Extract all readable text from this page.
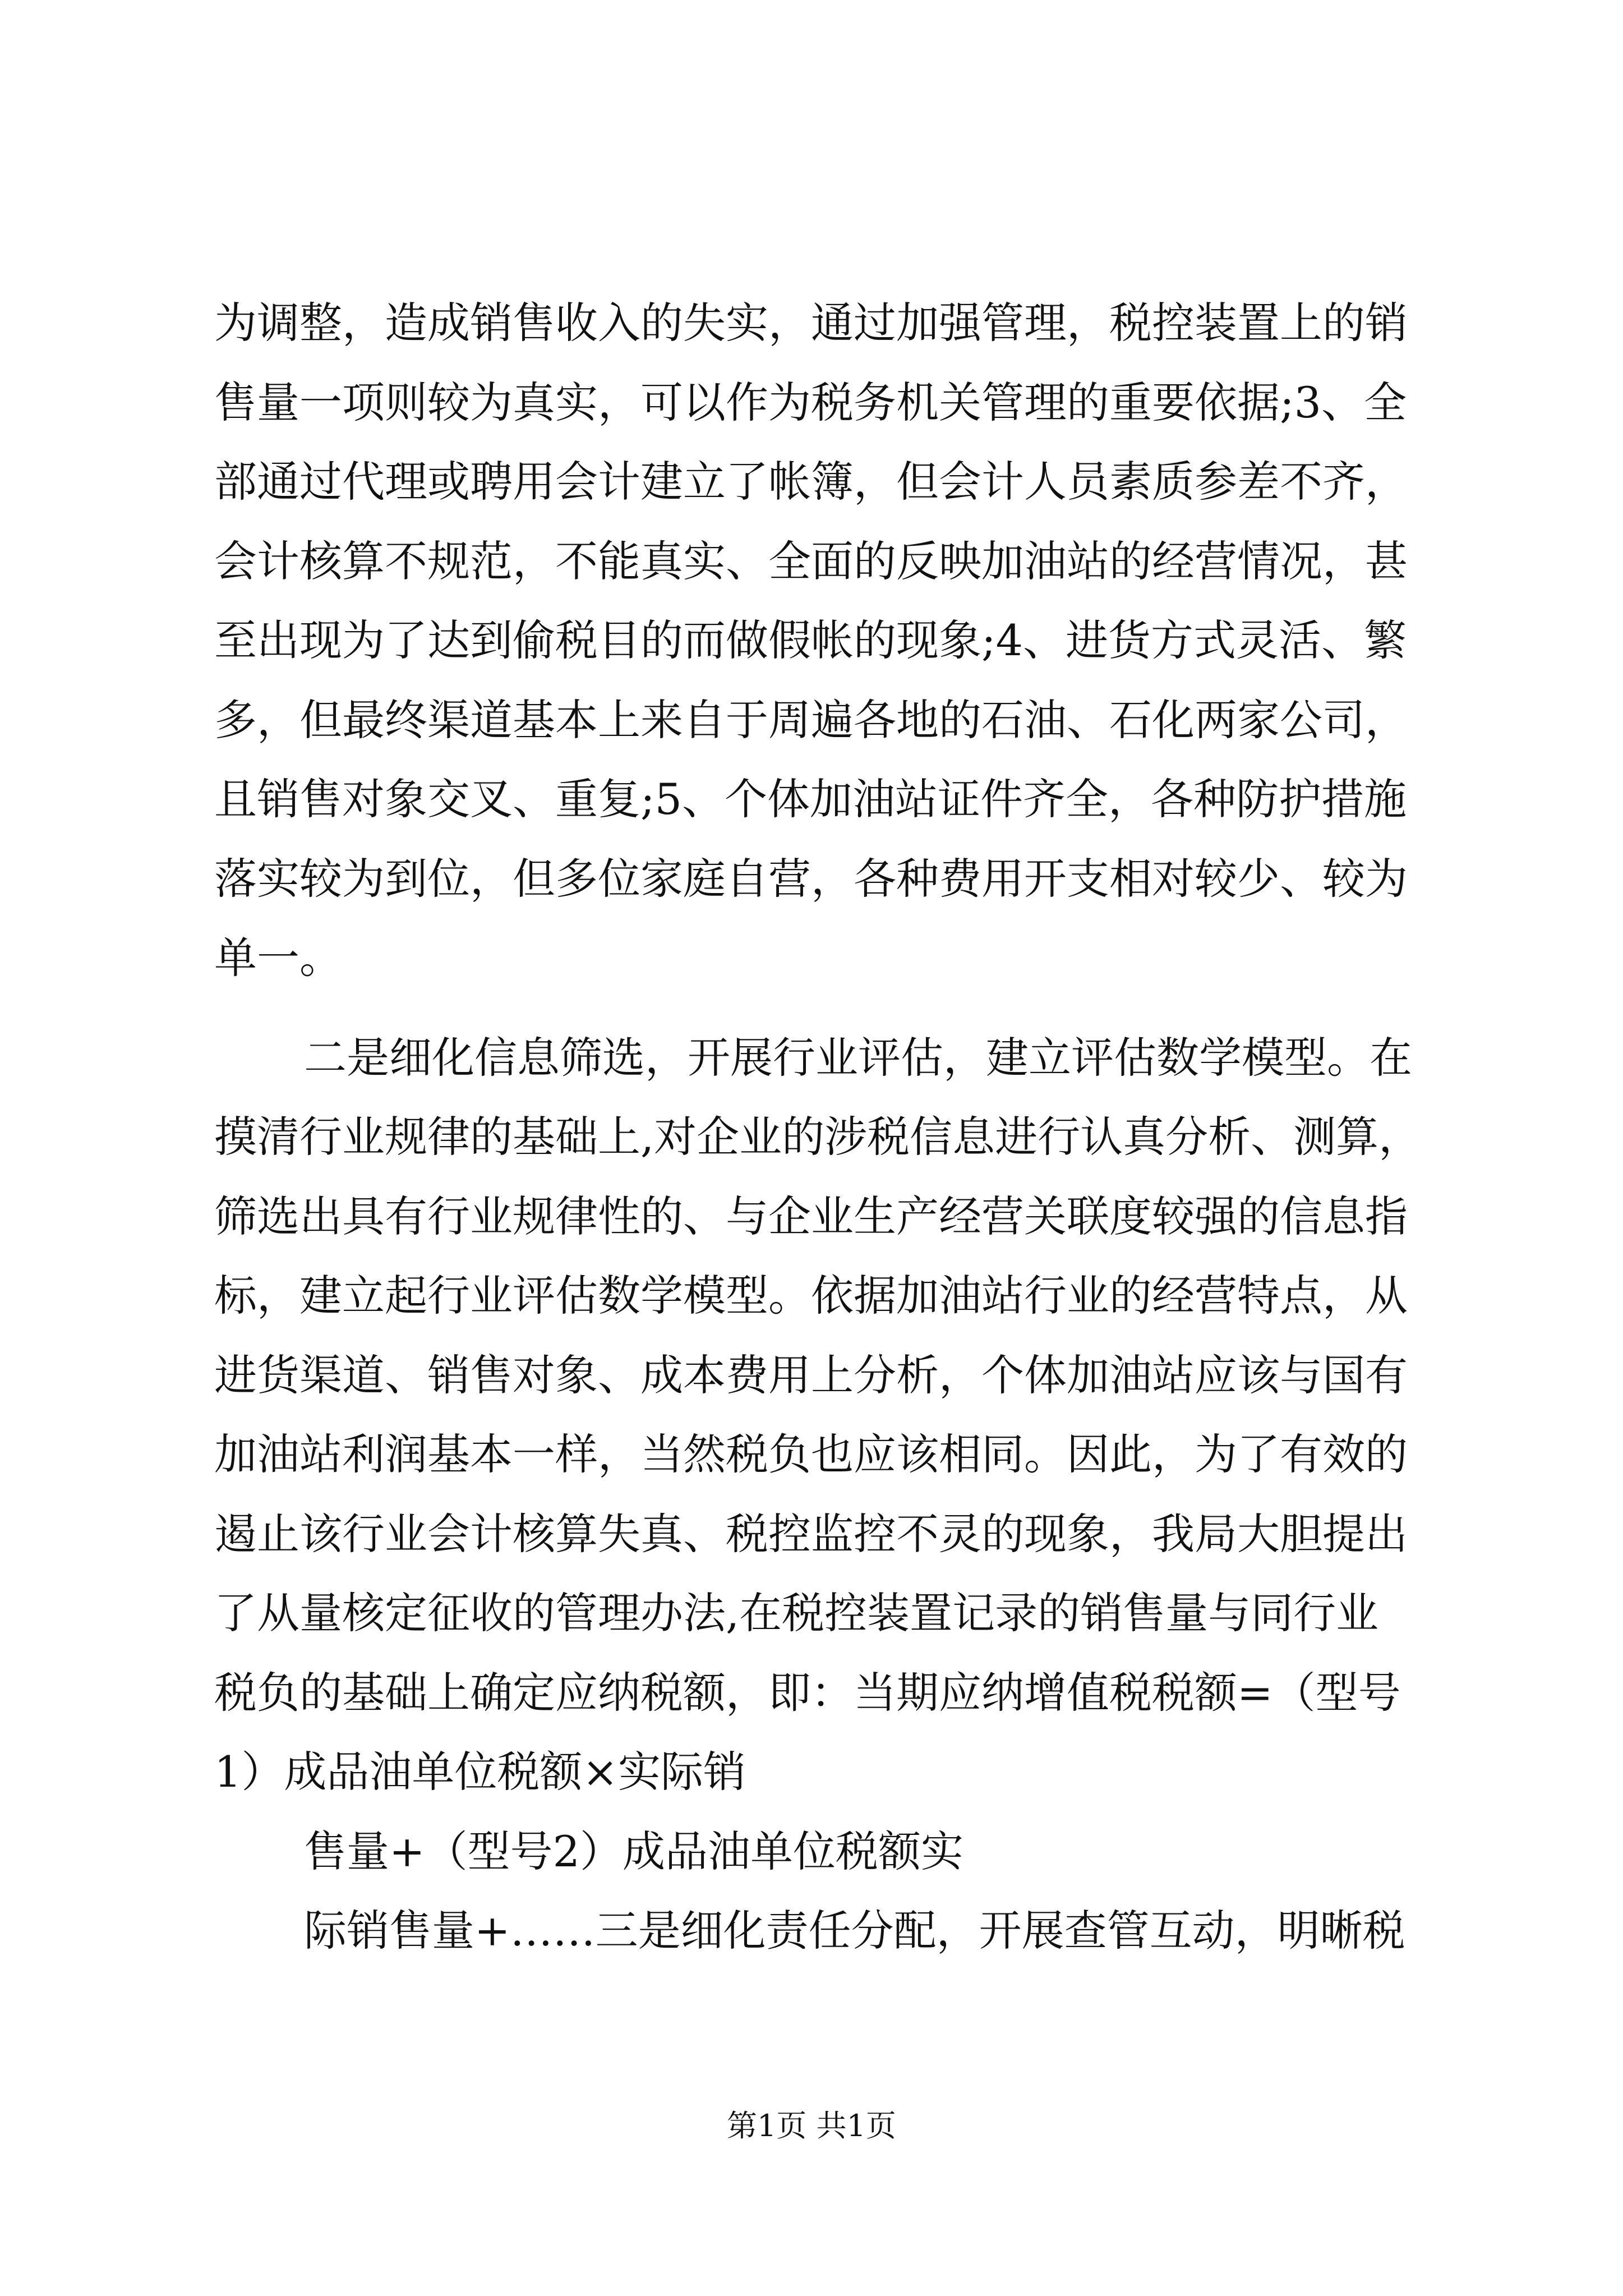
为调整，造成销售收入的失实，通过加强管理，税控装置上的销
售量一项则较为真实，可以作为税务机关管理的重要依据;3、全
部通过代理或聘用会计建立了帐簿，但会计人员素质参差不齐，
会计核算不规范，不能真实、全面的反映加油站的经营情况，甚
至出现为了达到偷税目的而做假帐的现象;4、进货方式灵活、繁
多，但最终渠道基本上来自于周遍各地的石油、石化两家公司，
且销售对象交叉、重复;5、个体加油站证件齐全，各种防护措施
落实较为到位，但多位家庭自营，各种费用开支相对较少、较为
单一。
二是细化信息筛选，开展行业评估，建立评估数学模型。在
摸清行业规律的基础上,对企业的涉税信息进行认真分析、测算，
筛选出具有行业规律性的、与企业生产经营关联度较强的信息指
标，建立起行业评估数学模型。依据加油站行业的经营特点，从
进货渠道、销售对象、成本费用上分析，个体加油站应该与国有
加油站利润基本一样，当然税负也应该相同。因此，为了有效的
遏止该行业会计核算失真、税控监控不灵的现象，我局大胆提出
了从量核定征收的管理办法,在税控装置记录的销售量与同行业
税负的基础上确定应纳税额，即：当期应纳增值税税额=（型号
1）成品油单位税额×实际销
售量+（型号2）成品油单位税额实
际销售量+……三是细化责任分配，开展查管互动，明晰税
第1页 共1页
